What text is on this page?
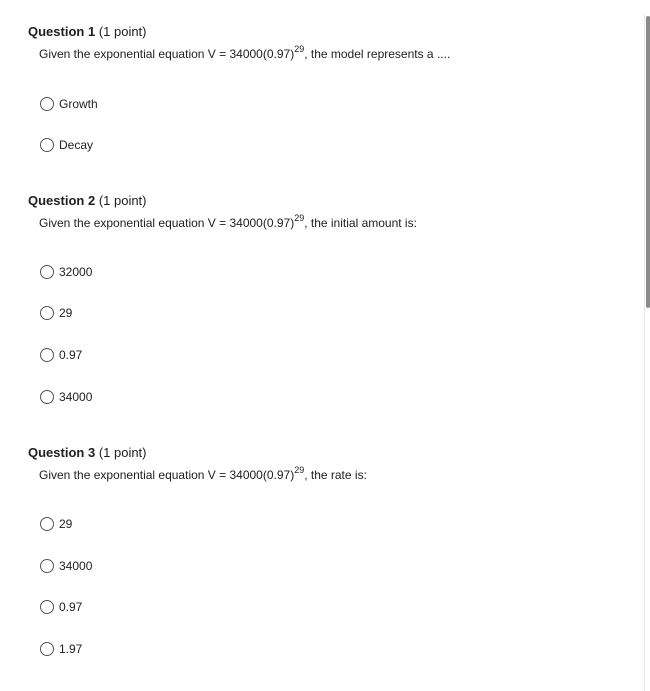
Question 1 (1 point)
Given the exponential equation $V = 34000(0.97)^{29}$, the model represents a ....
Growth
Decay
Question 2 (1 point)
Given the exponential equation $V = 34000(0.97)^{29}$, the initial amount is:
32000
29
0.97
34000
Question 3 (1 point)
Given the exponential equation $V = 34000(0.97)^{29}$, the rate is:
29
34000
0.97
1.97
